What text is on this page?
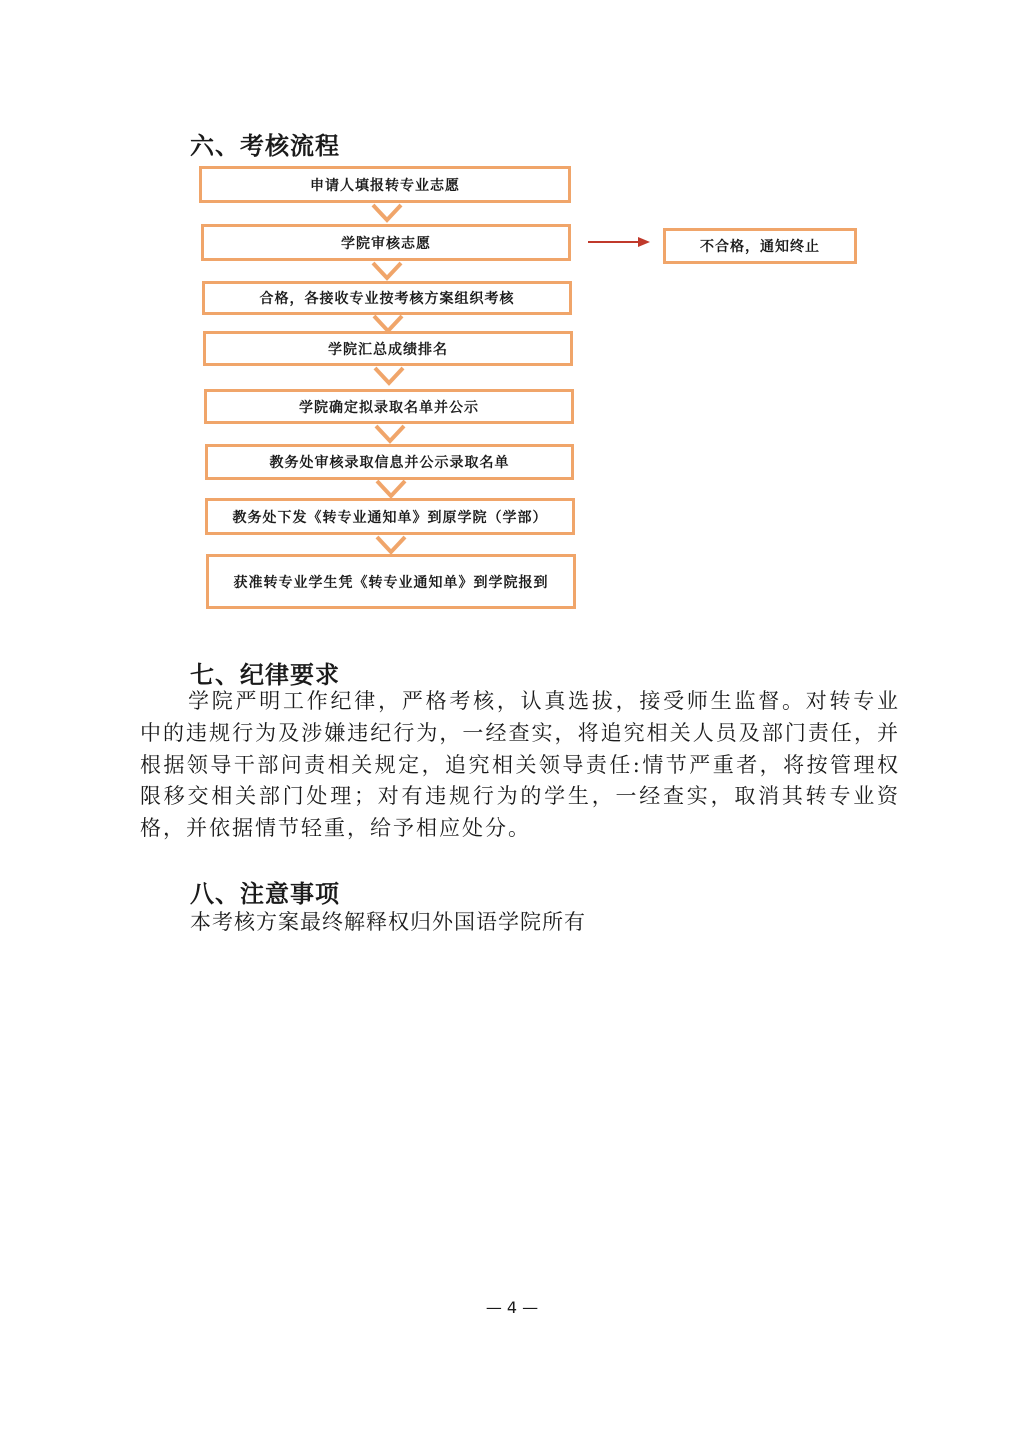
六、考核流程
申请人填报转专业志愿
学院审核志愿	不合格，通知终止
合格，各接收专业按考核方案组织考核
学院汇总成绩排名
学院确定拟录取名单并公示
教务处审核录取信息并公示录取名单
教务处下发《转专业通知单》到原学院（学部）
获准转专业学生凭《转专业通知单》到学院报到
七、纪律要求
学院严明工作纪律，严格考核，认真选拔，接受师生监督。对转专业中的违规行为及涉嫌违纪行为，一经查实，将追究相关人员及部门责任，并根据领导干部问责相关规定，追究相关领导责任:情节严重者，将按管理权限移交相关部门处理；对有违规行为的学生，一经查实，取消其转专业资格，并依据情节轻重，给予相应处分。
八、注意事项
本考核方案最终解释权归外国语学院所有
— 4 —
